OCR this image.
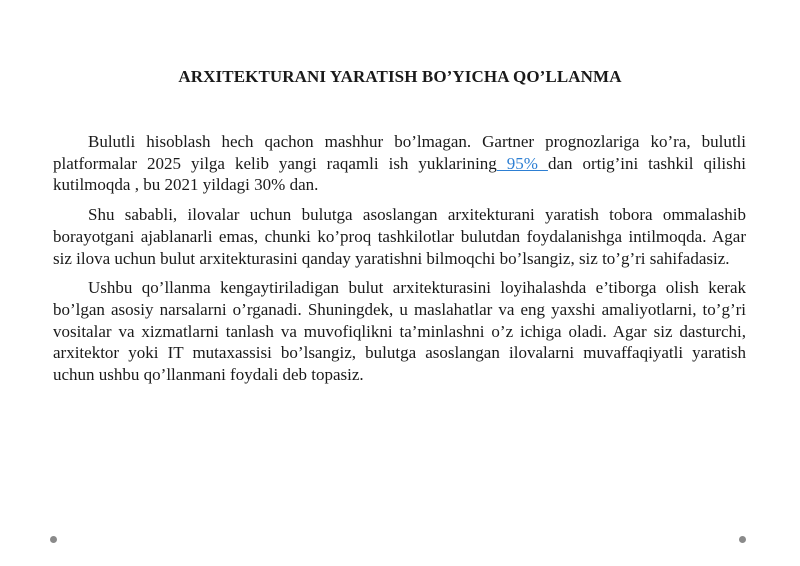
ARXITEKTURANI YARATISH BO’YICHA QO’LLANMA

Bulutli hisoblash hech qachon mashhur bo’lmagan. Gartner prognozlariga ko’ra, bulutli platformalar 2025 yilga kelib yangi raqamli ish yuklarining 95% dan ortig’ini tashkil qilishi kutilmoqda , bu 2021 yildagi 30% dan.

Shu sababli, ilovalar uchun bulutga asoslangan arxitekturani yaratish tobora ommalashib borayotgani ajablanarli emas, chunki ko’proq tashkilotlar bulutdan foydalanishga intilmoqda. Agar siz ilova uchun bulut arxitekturasini qanday yaratishni bilmoqchi bo’lsangiz, siz to’g’ri sahifadasiz.

Ushbu qo’llanma kengaytiriladigan bulut arxitekturasini loyihalashda e’tiborga olish kerak bo’lgan asosiy narsalarni o’rganadi. Shuningdek, u maslahatlar va eng yaxshi amaliyotlarni, to’g’ri vositalar va xizmatlarni tanlash va muvofiqlikni ta’minlashni o’z ichiga oladi. Agar siz dasturchi, arxitektor yoki IT mutaxassisi bo’lsangiz, bulutga asoslangan ilovalarni muvaffaqiyatli yaratish uchun ushbu qo’llanmani foydali deb topasiz.
